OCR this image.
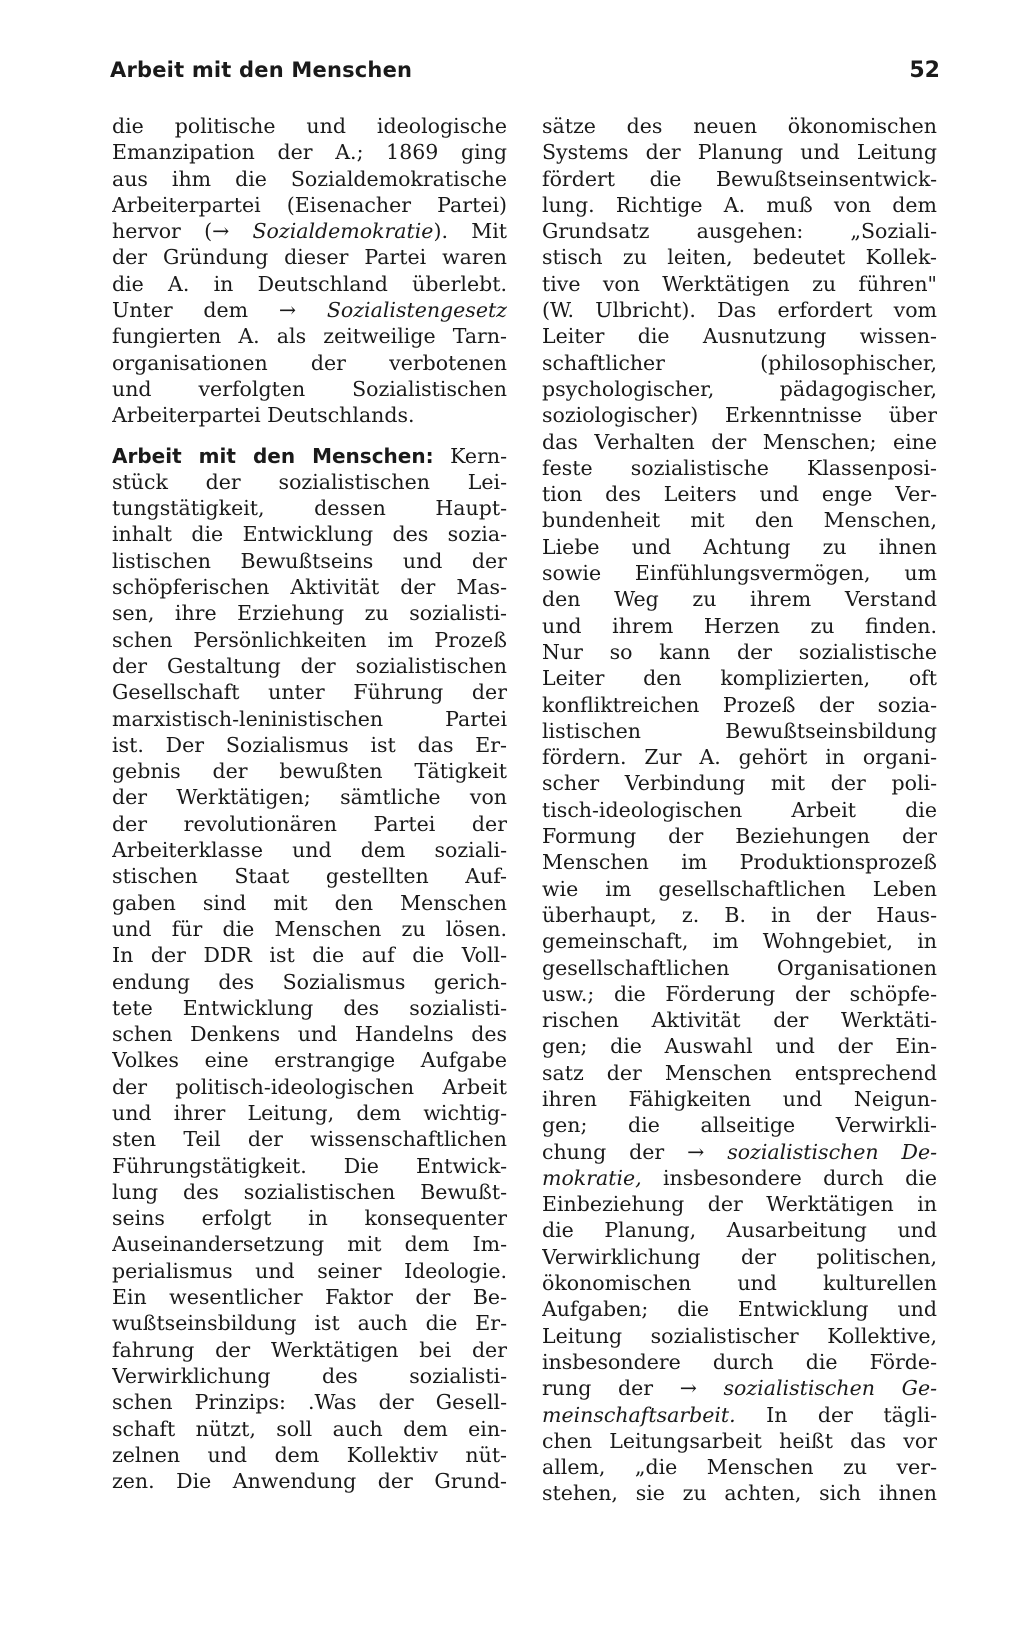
Arbeit mit den Menschen	52
die politische und ideologische
Emanzipation der A.; 1869 ging
aus ihm die Sozialdemokratische
Arbeiterpartei (Eisenacher Partei)
hervor (→ Sozialdemokratie). Mit
der Gründung dieser Partei waren
die A. in Deutschland überlebt.
Unter dem → Sozialistengesetz
fungierten A. als zeitweilige Tarn-
organisationen der verbotenen
und verfolgten Sozialistischen
Arbeiterpartei Deutschlands.
Arbeit mit den Menschen: Kern-
stück der sozialistischen Lei-
tungstätigkeit, dessen Haupt-
inhalt die Entwicklung des sozia-
listischen Bewußtseins und der
schöpferischen Aktivität der Mas-
sen, ihre Erziehung zu sozialisti-
schen Persönlichkeiten im Prozeß
der Gestaltung der sozialistischen
Gesellschaft unter Führung der
marxistisch-leninistischen Partei
ist. Der Sozialismus ist das Er-
gebnis der bewußten Tätigkeit
der Werktätigen; sämtliche von
der revolutionären Partei der
Arbeiterklasse und dem soziali-
stischen Staat gestellten Auf-
gaben sind mit den Menschen
und für die Menschen zu lösen.
In der DDR ist die auf die Voll-
endung des Sozialismus gerich-
tete Entwicklung des sozialisti-
schen Denkens und Handelns des
Volkes eine erstrangige Aufgabe
der politisch-ideologischen Arbeit
und ihrer Leitung, dem wichtig-
sten Teil der wissenschaftlichen
Führungstätigkeit. Die Entwick-
lung des sozialistischen Bewußt-
seins erfolgt in konsequenter
Auseinandersetzung mit dem Im-
perialismus und seiner Ideologie.
Ein wesentlicher Faktor der Be-
wußtseinsbildung ist auch die Er-
fahrung der Werktätigen bei der
Verwirklichung des sozialisti-
schen Prinzips: .Was der Gesell-
schaft nützt, soll auch dem ein-
zelnen und dem Kollektiv nüt-
zen. Die Anwendung der Grund-
sätze des neuen ökonomischen
Systems der Planung und Leitung
fördert die Bewußtseinsentwick-
lung. Richtige A. muß von dem
Grundsatz ausgehen: „Soziali-
stisch zu leiten, bedeutet Kollek-
tive von Werktätigen zu führen"
(W. Ulbricht). Das erfordert vom
Leiter die Ausnutzung wissen-
schaftlicher (philosophischer,
psychologischer, pädagogischer,
soziologischer) Erkenntnisse über
das Verhalten der Menschen; eine
feste sozialistische Klassenposi-
tion des Leiters und enge Ver-
bundenheit mit den Menschen,
Liebe und Achtung zu ihnen
sowie Einfühlungsvermögen, um
den Weg zu ihrem Verstand
und ihrem Herzen zu finden.
Nur so kann der sozialistische
Leiter den komplizierten, oft
konfliktreichen Prozeß der sozia-
listischen Bewußtseinsbildung
fördern. Zur A. gehört in organi-
scher Verbindung mit der poli-
tisch-ideologischen Arbeit die
Formung der Beziehungen der
Menschen im Produktionsprozeß
wie im gesellschaftlichen Leben
überhaupt, z. B. in der Haus-
gemeinschaft, im Wohngebiet, in
gesellschaftlichen Organisationen
usw.; die Förderung der schöpfe-
rischen Aktivität der Werktäti-
gen; die Auswahl und der Ein-
satz der Menschen entsprechend
ihren Fähigkeiten und Neigun-
gen; die allseitige Verwirkli-
chung der → sozialistischen De-
mokratie, insbesondere durch die
Einbeziehung der Werktätigen in
die Planung, Ausarbeitung und
Verwirklichung der politischen,
ökonomischen und kulturellen
Aufgaben; die Entwicklung und
Leitung sozialistischer Kollektive,
insbesondere durch die Förde-
rung der → sozialistischen Ge-
meinschaftsarbeit. In der tägli-
chen Leitungsarbeit heißt das vor
allem, „die Menschen zu ver-
stehen, sie zu achten, sich ihnen
